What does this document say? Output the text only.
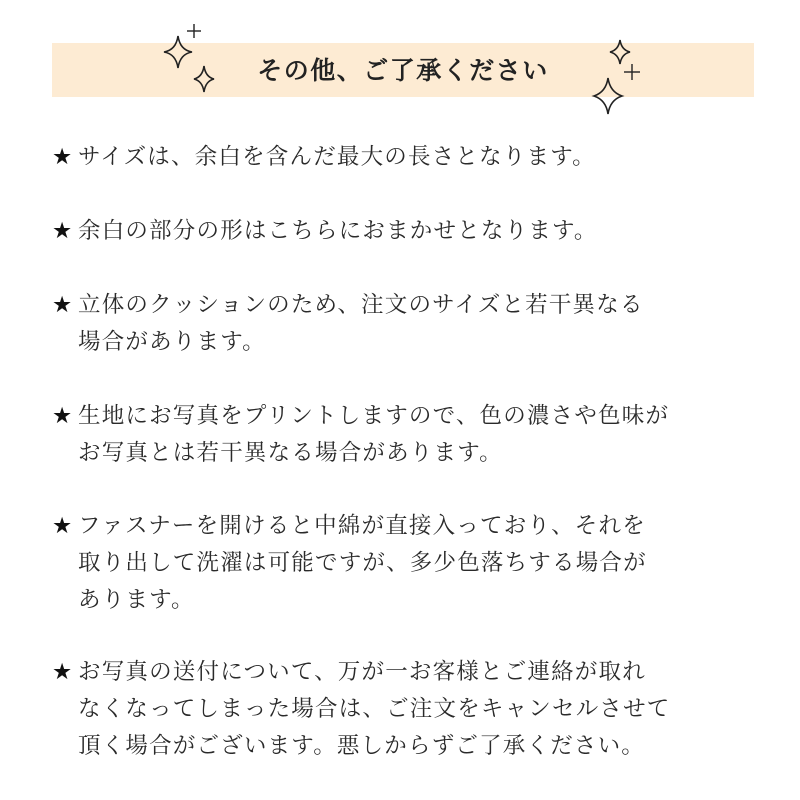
その他、ご了承ください
★ サイズは、余白を含んだ最大の長さとなります。
★ 余白の部分の形はこちらにおまかせとなります。
★ 立体のクッションのため、注文のサイズと若干異なる
場合があります。
★ 生地にお写真をプリントしますので、色の濃さや色味が
お写真とは若干異なる場合があります。
★ ファスナーを開けると中綿が直接入っており、それを
取り出して洗濯は可能ですが、多少色落ちする場合が
あります。
★ お写真の送付について、万が一お客様とご連絡が取れ
なくなってしまった場合は、ご注文をキャンセルさせて
頂く場合がございます。悪しからずご了承ください。
